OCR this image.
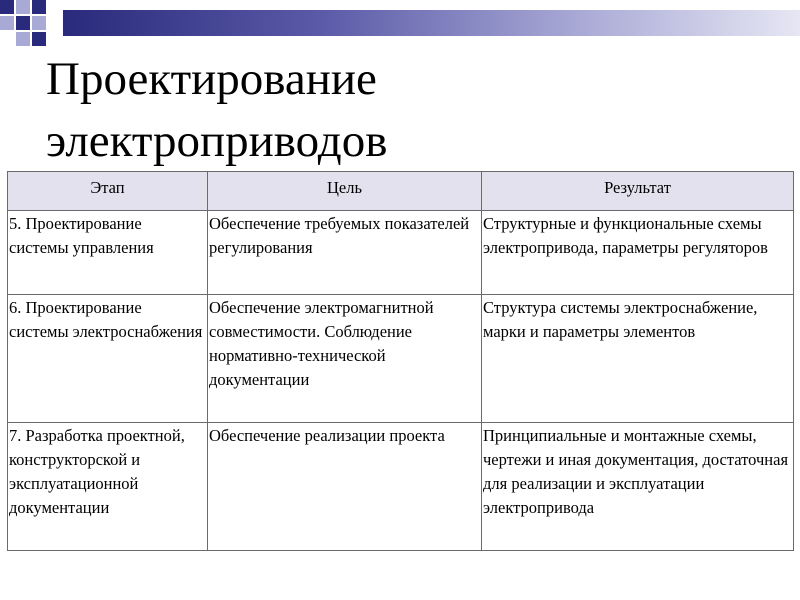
Проектирование
электроприводов
Этап	Цель	Результат
5. Проектирование системы управления	Обеспечение требуемых показателей регулирования	Структурные и функциональные схемы электропривода, параметры регуляторов
6. Проектирование системы электроснабжения	Обеспечение электромагнитной совместимости. Соблюдение нормативно-технической документации	Структура системы электроснабжение, марки и параметры элементов
7. Разработка проектной, конструкторской и эксплуатационной документации	Обеспечение реализации проекта	Принципиальные и монтажные схемы, чертежи и иная документация, достаточная для реализации и эксплуатации электропривода
